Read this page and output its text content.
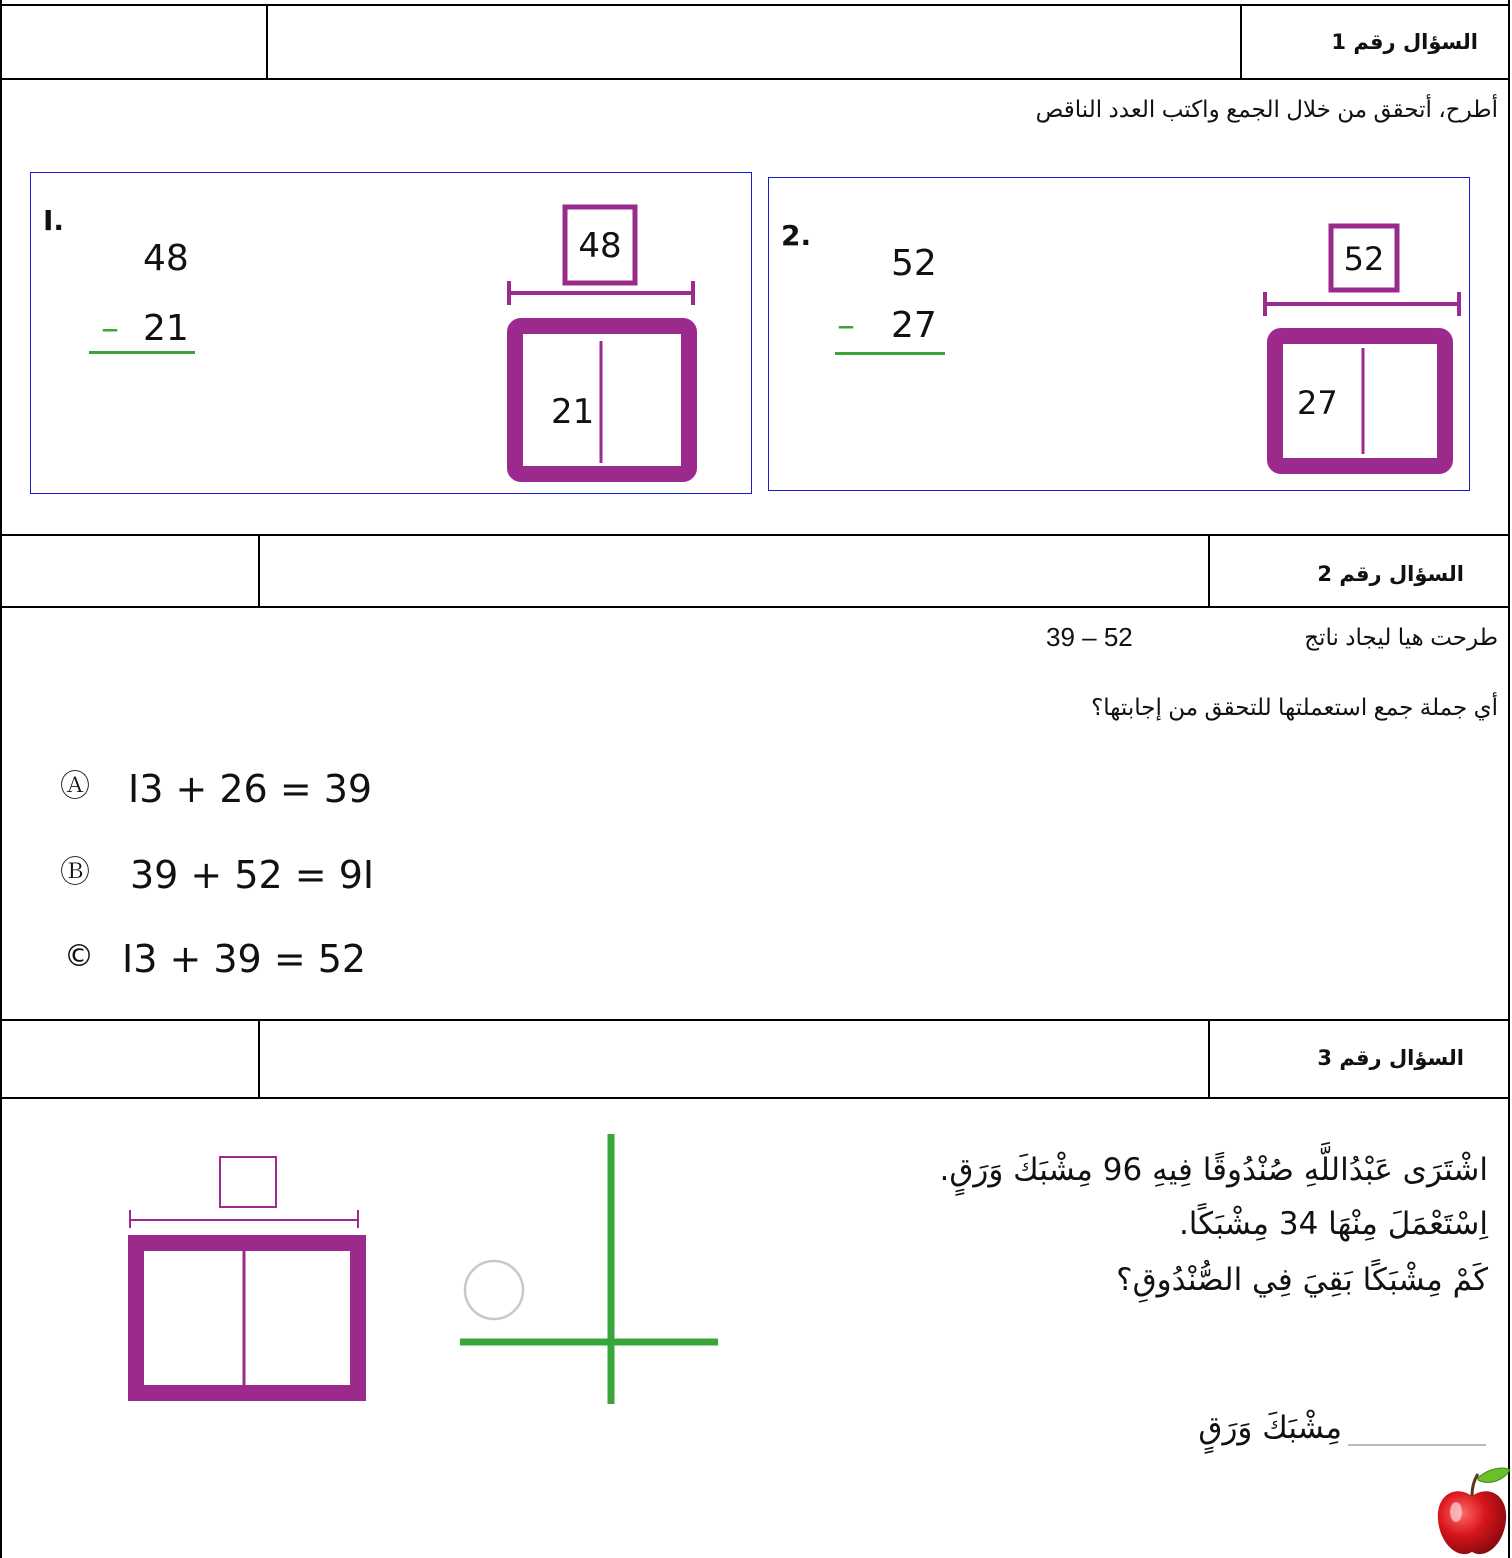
السؤال رقم 1
أطرح، أتحقق من خلال الجمع واكتب العدد الناقص
I.
48
– 21
48
21
2.
52
– 27
52
27
السؤال رقم 2
طرحت هيا ليجاد ناتج
39 – 52
أي جملة جمع استعملتها للتحقق من إجابتها؟
Ⓐ I3 + 26 = 39
Ⓑ 39 + 52 = 9I
© I3 + 39 = 52
السؤال رقم 3
اشْتَرَى عَبْدُاللَّهِ صُنْدُوقًا فِيهِ 96 مِشْبَكَ وَرَقٍ.
اِسْتَعْمَلَ مِنْهَا 34 مِشْبَكًا.
كَمْ مِشْبَكًا بَقِيَ فِي الصُّنْدُوقِ؟
مِشْبَكَ وَرَقٍ
